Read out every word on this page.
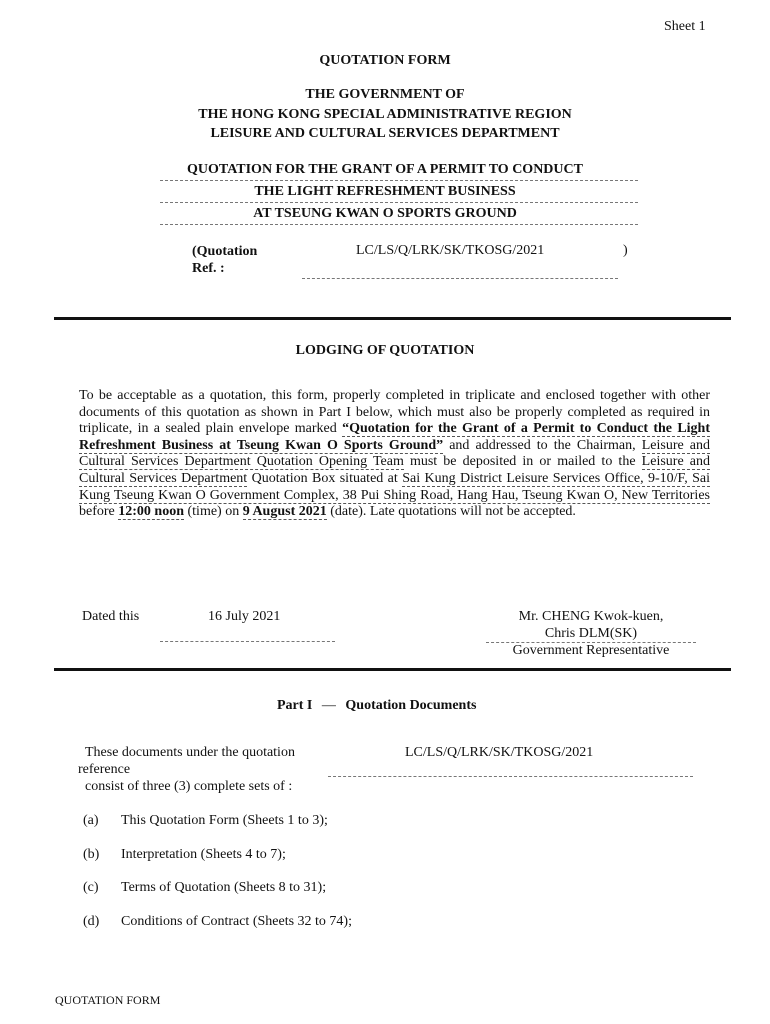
Sheet 1
QUOTATION FORM
THE GOVERNMENT OF
THE HONG KONG SPECIAL ADMINISTRATIVE REGION
LEISURE AND CULTURAL SERVICES DEPARTMENT
QUOTATION FOR THE GRANT OF A PERMIT TO CONDUCT
THE LIGHT REFRESHMENT BUSINESS
AT TSEUNG KWAN O SPORTS GROUND
(Quotation Ref. :
LC/LS/Q/LRK/SK/TKOSG/2021	)
LODGING OF QUOTATION
To be acceptable as a quotation, this form, properly completed in triplicate and enclosed together with other documents of this quotation as shown in Part I below, which must also be properly completed as required in triplicate, in a sealed plain envelope marked “Quotation for the Grant of a Permit to Conduct the Light Refreshment Business at Tseung Kwan O Sports Ground” and addressed to the Chairman, Leisure and Cultural Services Department Quotation Opening Team must be deposited in or mailed to the Leisure and Cultural Services Department Quotation Box situated at Sai Kung District Leisure Services Office, 9-10/F, Sai Kung Tseung Kwan O Government Complex, 38 Pui Shing Road, Hang Hau, Tseung Kwan O, New Territories before 12:00 noon (time) on 9 August 2021 (date). Late quotations will not be accepted.
Dated this	16 July 2021	Mr. CHENG Kwok-kuen,
Chris DLM(SK)
Government Representative
Part I — Quotation Documents
These documents under the quotation
reference
LC/LS/Q/LRK/SK/TKOSG/2021
consist of three (3) complete sets of :
(a) This Quotation Form (Sheets 1 to 3);
(b) Interpretation (Sheets 4 to 7);
(c) Terms of Quotation (Sheets 8 to 31);
(d) Conditions of Contract (Sheets 32 to 74);
QUOTATION FORM
